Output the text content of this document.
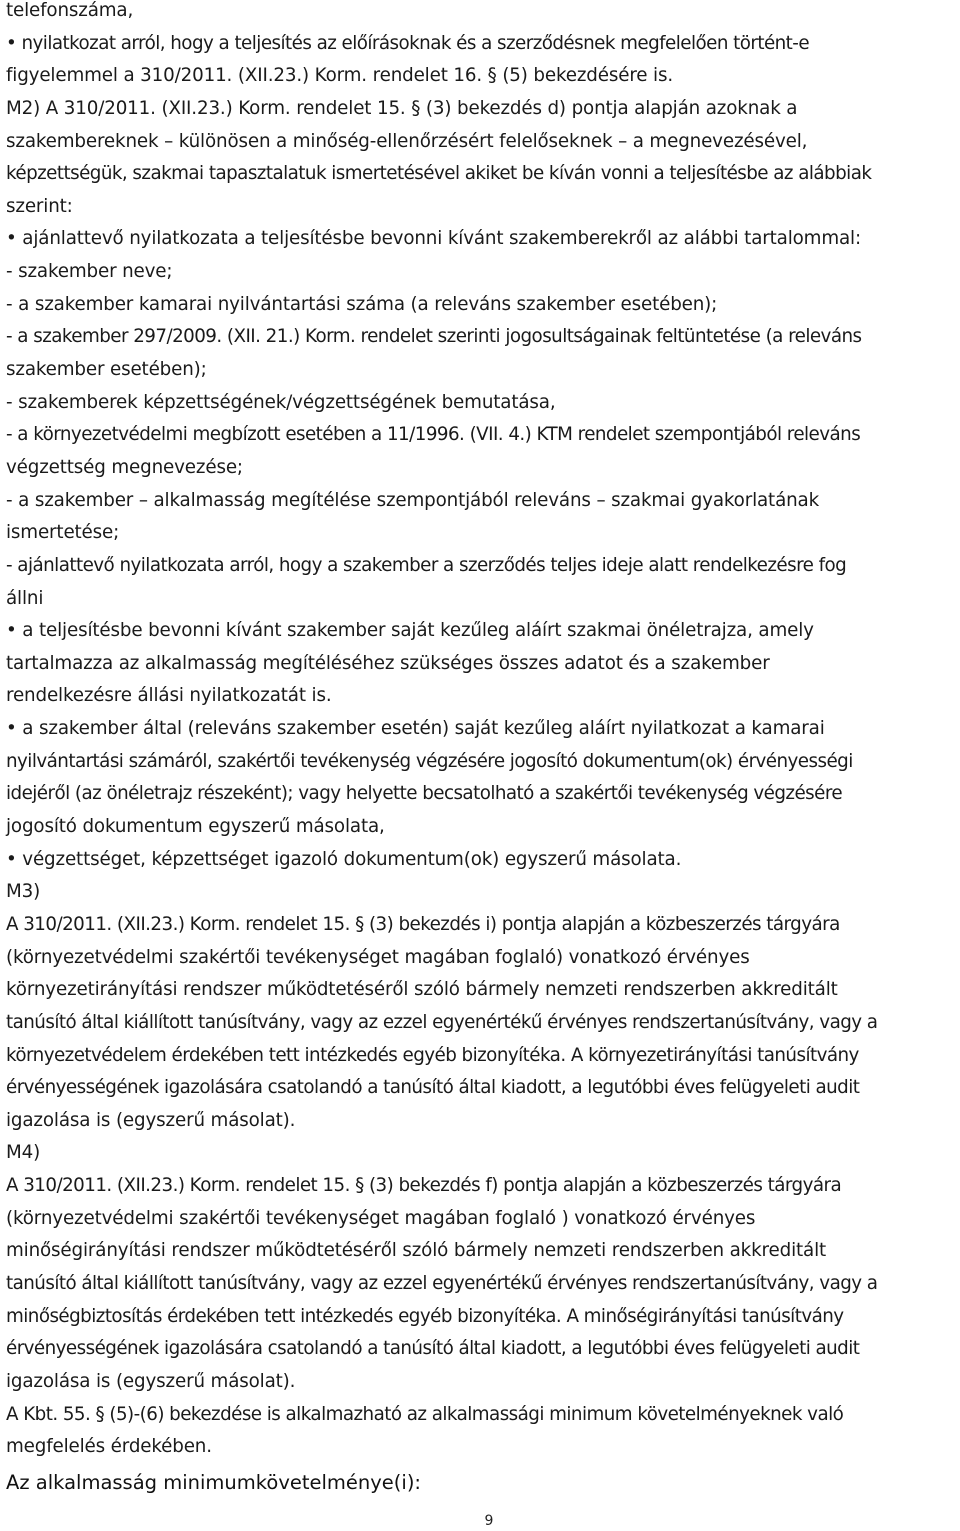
telefonszáma,
• nyilatkozat arról, hogy a teljesítés az előírásoknak és a szerződésnek megfelelően történt-e
figyelemmel a 310/2011. (XII.23.) Korm. rendelet 16. § (5) bekezdésére is.
M2) A 310/2011. (XII.23.) Korm. rendelet 15. § (3) bekezdés d) pontja alapján azoknak a
szakembereknek – különösen a minőség-ellenőrzésért felelőseknek – a megnevezésével,
képzettségük, szakmai tapasztalatuk ismertetésével akiket be kíván vonni a teljesítésbe az alábbiak
szerint:
• ajánlattevő nyilatkozata a teljesítésbe bevonni kívánt szakemberekről az alábbi tartalommal:
- szakember neve;
- a szakember kamarai nyilvántartási száma (a releváns szakember esetében);
- a szakember 297/2009. (XII. 21.) Korm. rendelet szerinti jogosultságainak feltüntetése (a releváns
szakember esetében);
- szakemberek képzettségének/végzettségének bemutatása,
- a környezetvédelmi megbízott esetében a 11/1996. (VII. 4.) KTM rendelet szempontjából releváns
végzettség megnevezése;
- a szakember – alkalmasság megítélése szempontjából releváns – szakmai gyakorlatának
ismertetése;
- ajánlattevő nyilatkozata arról, hogy a szakember a szerződés teljes ideje alatt rendelkezésre fog
állni
• a teljesítésbe bevonni kívánt szakember saját kezűleg aláírt szakmai önéletrajza, amely
tartalmazza az alkalmasság megítéléséhez szükséges összes adatot és a szakember
rendelkezésre állási nyilatkozatát is.
• a szakember által (releváns szakember esetén) saját kezűleg aláírt nyilatkozat a kamarai
nyilvántartási számáról, szakértői tevékenység végzésére jogosító dokumentum(ok) érvényességi
idejéről (az önéletrajz részeként); vagy helyette becsatolható a szakértői tevékenység végzésére
jogosító dokumentum egyszerű másolata,
• végzettséget, képzettséget igazoló dokumentum(ok) egyszerű másolata.
M3)
A 310/2011. (XII.23.) Korm. rendelet 15. § (3) bekezdés i) pontja alapján a közbeszerzés tárgyára
(környezetvédelmi szakértői tevékenységet magában foglaló) vonatkozó érvényes
környezetirányítási rendszer működtetéséről szóló bármely nemzeti rendszerben akkreditált
tanúsító által kiállított tanúsítvány, vagy az ezzel egyenértékű érvényes rendszertanúsítvány, vagy a
környezetvédelem érdekében tett intézkedés egyéb bizonyítéka. A környezetirányítási tanúsítvány
érvényességének igazolására csatolandó a tanúsító által kiadott, a legutóbbi éves felügyeleti audit
igazolása is (egyszerű másolat).
M4)
A 310/2011. (XII.23.) Korm. rendelet 15. § (3) bekezdés f) pontja alapján a közbeszerzés tárgyára
(környezetvédelmi szakértői tevékenységet magában foglaló ) vonatkozó érvényes
minőségirányítási rendszer működtetéséről szóló bármely nemzeti rendszerben akkreditált
tanúsító által kiállított tanúsítvány, vagy az ezzel egyenértékű érvényes rendszertanúsítvány, vagy a
minőségbiztosítás érdekében tett intézkedés egyéb bizonyítéka. A minőségirányítási tanúsítvány
érvényességének igazolására csatolandó a tanúsító által kiadott, a legutóbbi éves felügyeleti audit
igazolása is (egyszerű másolat).
A Kbt. 55. § (5)-(6) bekezdése is alkalmazható az alkalmassági minimum követelményeknek való
megfelelés érdekében.
Az alkalmasság minimumkövetelménye(i):
9
